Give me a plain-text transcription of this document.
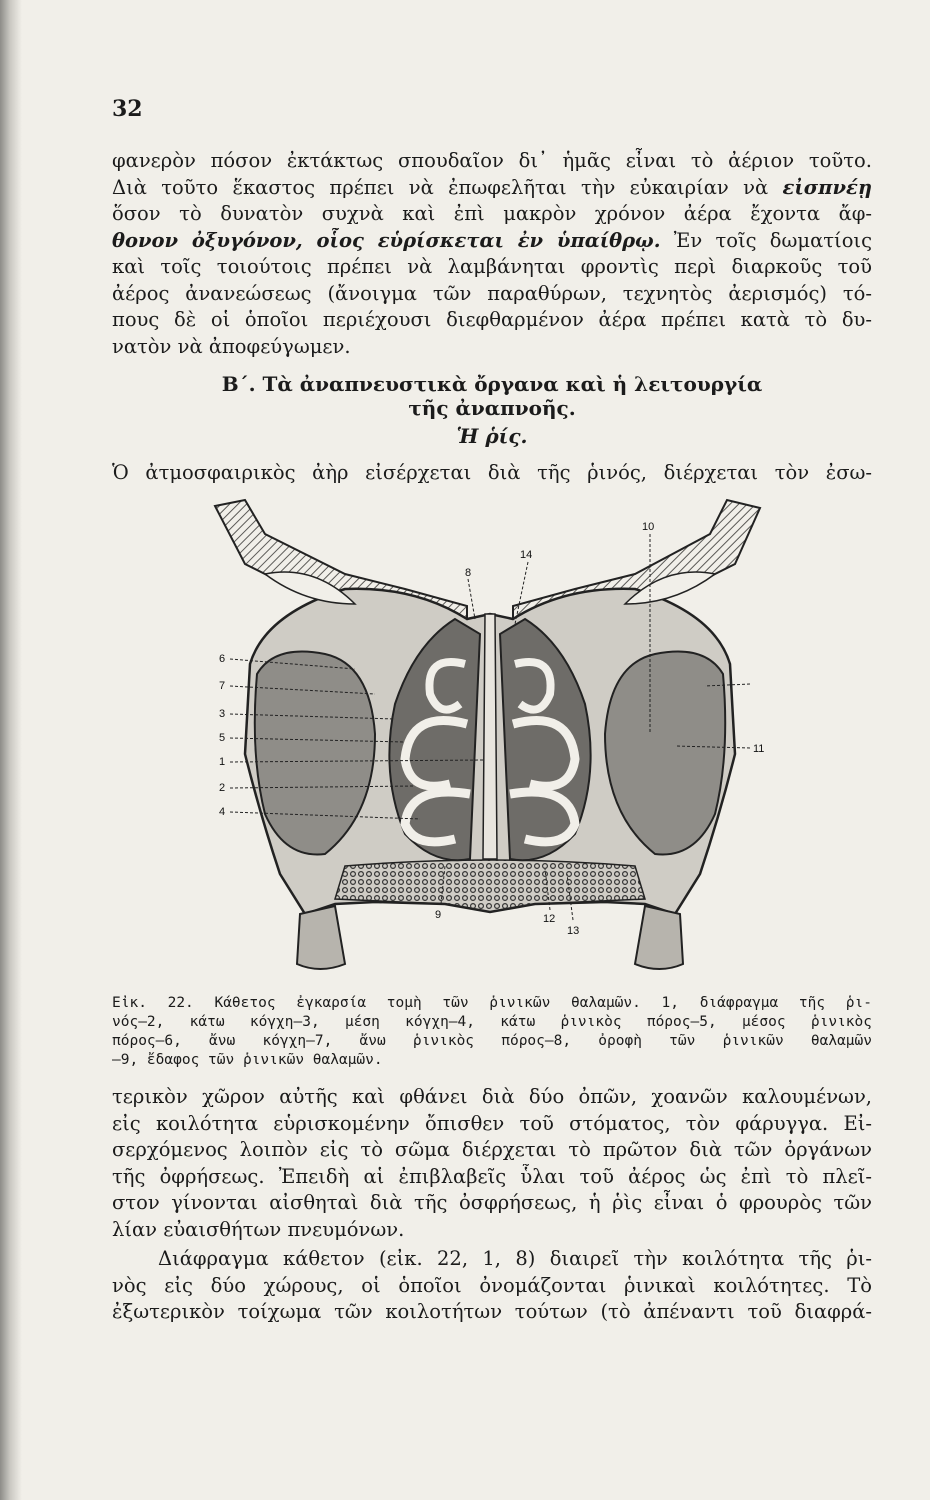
32
φανερὸν πόσον ἐκτάκτως σπουδαῖον δι᾽ ἡμᾶς εἶναι τὸ ἀέριον τοῦτο.
Διὰ τοῦτο ἕκαστος πρέπει νὰ ἐπωφελῆται τὴν εὐκαιρίαν νὰ εἰσπνέῃ
ὅσον τὸ δυνατὸν συχνὰ καὶ ἐπὶ μακρὸν χρόνον ἀέρα ἔχοντα ἄφ-
θονον ὀξυγόνον, οἷος εὑρίσκεται ἐν ὑπαίθρῳ. Ἐν τοῖς δωματίοις
καὶ τοῖς τοιούτοις πρέπει νὰ λαμβάνηται φροντὶς περὶ διαρκοῦς τοῦ
ἀέρος ἀνανεώσεως (ἄνοιγμα τῶν παραθύρων, τεχνητὸς ἀερισμός) τό-
πους δὲ οἱ ὁποῖοι περιέχουσι διεφθαρμένον ἀέρα πρέπει κατὰ τὸ δυ-
νατὸν νὰ ἀποφεύγωμεν.
Β΄. Τὰ ἀναπνευστικὰ ὄργανα καὶ ἡ λειτουργία
τῆς ἀναπνοῆς.
Ἡ ῥίς.
Ὁ ἀτμοσφαιρικὸς ἀὴρ εἰσέρχεται διὰ τῆς ῥινός, διέρχεται τὸν ἐσω-
10
14
8
6
7
3
5
1
2
4
11
9	12
13
Εἰκ. 22. Κάθετος ἐγκαρσία τομὴ τῶν ῥινικῶν θαλαμῶν. 1, διάφραγμα τῆς ῥι-
νός—2, κάτω κόγχη—3, μέση κόγχη—4, κάτω ῥινικὸς πόρος—5, μέσος ῥινικὸς
πόρος—6, ἄνω κόγχη—7, ἄνω ῥινικὸς πόρος—8, ὀροφὴ τῶν ῥινικῶν θαλαμῶν
—9, ἔδαφος τῶν ῥινικῶν θαλαμῶν.
τερικὸν χῶρον αὐτῆς καὶ φθάνει διὰ δύο ὀπῶν, χοανῶν καλουμένων,
εἰς κοιλότητα εὑρισκομένην ὄπισθεν τοῦ στόματος, τὸν φάρυγγα. Εἰ-
σερχόμενος λοιπὸν εἰς τὸ σῶμα διέρχεται τὸ πρῶτον διὰ τῶν ὀργάνων
τῆς ὀφρήσεως. Ἐπειδὴ αἱ ἐπιβλαβεῖς ὗλαι τοῦ ἀέρος ὡς ἐπὶ τὸ πλεῖ-
στον γίνονται αἰσθηταὶ διὰ τῆς ὀσφρήσεως, ἡ ῥὶς εἶναι ὁ φρουρὸς τῶν
λίαν εὐαισθήτων πνευμόνων.
Διάφραγμα κάθετον (εἰκ. 22, 1, 8) διαιρεῖ τὴν κοιλότητα τῆς ῥι-
νὸς εἰς δύο χώρους, οἱ ὁποῖοι ὀνομάζονται ῥινικαὶ κοιλότητες. Τὸ
ἐξωτερικὸν τοίχωμα τῶν κοιλοτήτων τούτων (τὸ ἀπέναντι τοῦ διαφρά-
